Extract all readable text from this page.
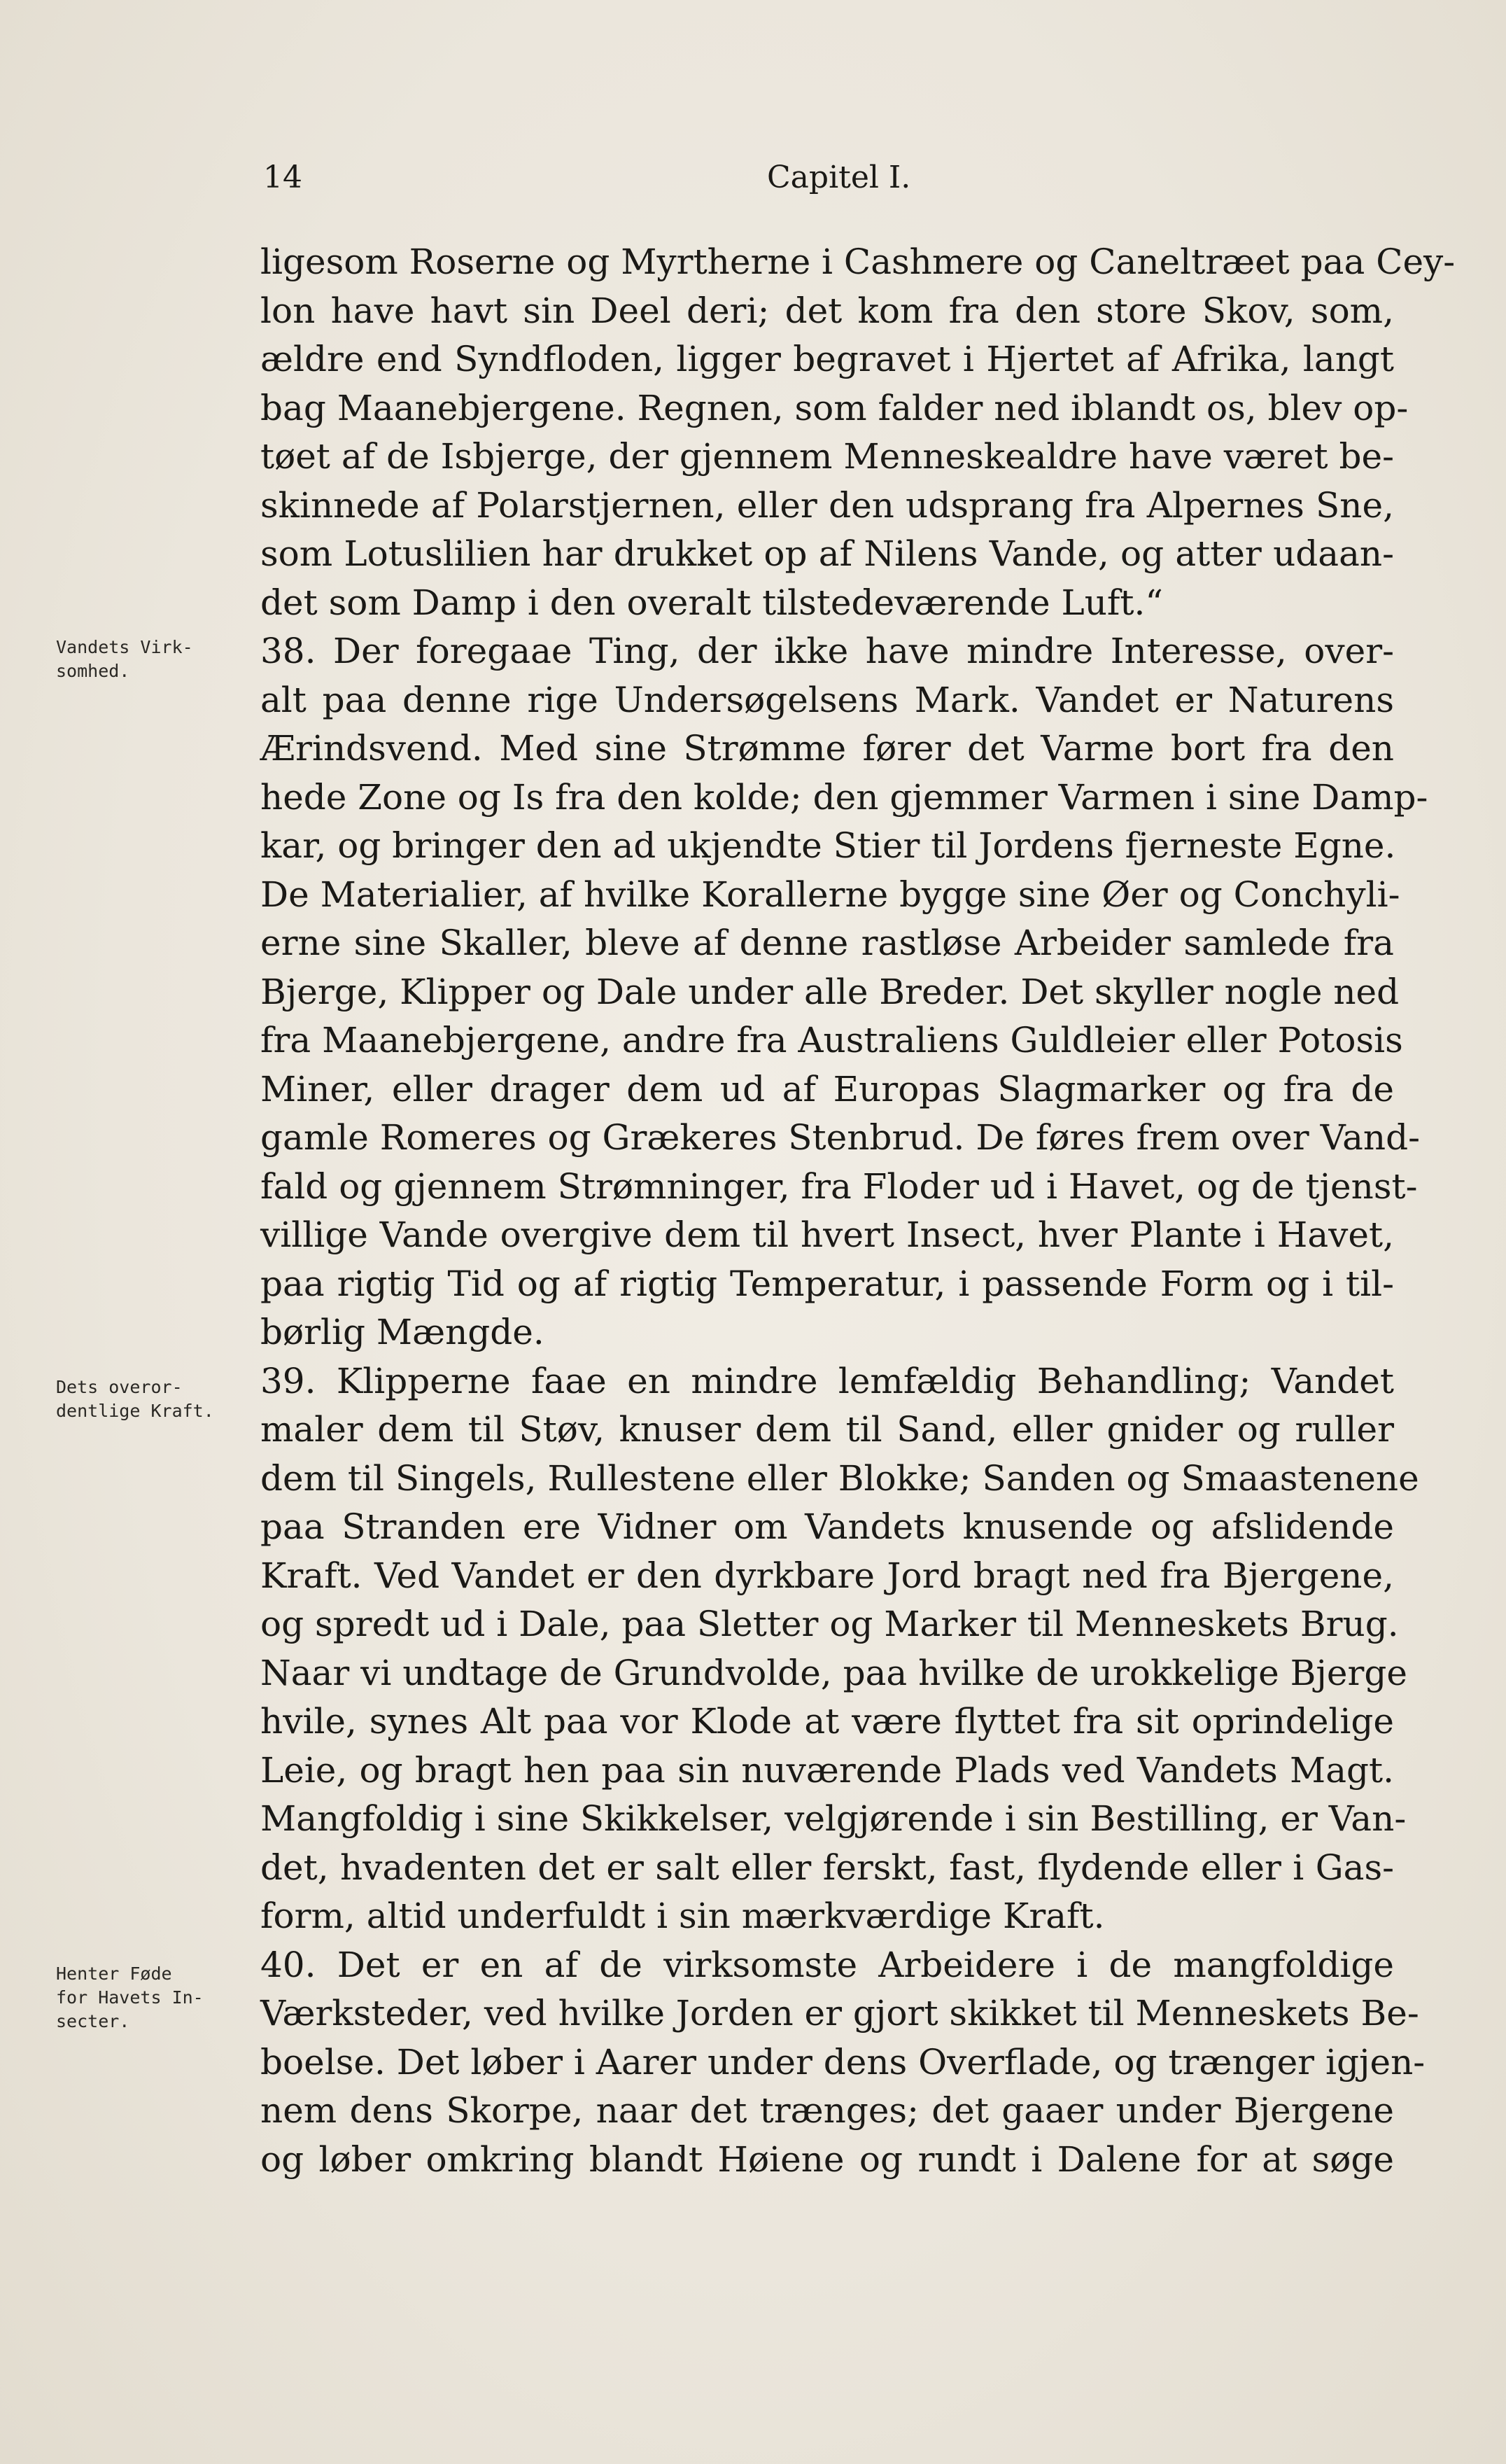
14	Capitel I.
ligesom Roserne og Myrtherne i Cashmere og Caneltræet paa Cey-
lon have havt sin Deel deri; det kom fra den store Skov, som,
ældre end Syndfloden, ligger begravet i Hjertet af Afrika, langt
bag Maanebjergene. Regnen, som falder ned iblandt os, blev op-
tøet af de Isbjerge, der gjennem Menneskealdre have været be-
skinnede af Polarstjernen, eller den udsprang fra Alpernes Sne,
som Lotuslilien har drukket op af Nilens Vande, og atter udaan-
det som Damp i den overalt tilstedeværende Luft.“
38. Der foregaae Ting, der ikke have mindre Interesse, over-
alt paa denne rige Undersøgelsens Mark. Vandet er Naturens
Ærindsvend. Med sine Strømme fører det Varme bort fra den
hede Zone og Is fra den kolde; den gjemmer Varmen i sine Damp-
kar, og bringer den ad ukjendte Stier til Jordens fjerneste Egne.
De Materialier, af hvilke Korallerne bygge sine Øer og Conchyli-
erne sine Skaller, bleve af denne rastløse Arbeider samlede fra
Bjerge, Klipper og Dale under alle Breder. Det skyller nogle ned
fra Maanebjergene, andre fra Australiens Guldleier eller Potosis
Miner, eller drager dem ud af Europas Slagmarker og fra de
gamle Romeres og Grækeres Stenbrud. De føres frem over Vand-
fald og gjennem Strømninger, fra Floder ud i Havet, og de tjenst-
villige Vande overgive dem til hvert Insect, hver Plante i Havet,
paa rigtig Tid og af rigtig Temperatur, i passende Form og i til-
børlig Mængde.
39. Klipperne faae en mindre lemfældig Behandling; Vandet
maler dem til Støv, knuser dem til Sand, eller gnider og ruller
dem til Singels, Rullestene eller Blokke; Sanden og Smaastenene
paa Stranden ere Vidner om Vandets knusende og afslidende
Kraft. Ved Vandet er den dyrkbare Jord bragt ned fra Bjergene,
og spredt ud i Dale, paa Sletter og Marker til Menneskets Brug.
Naar vi undtage de Grundvolde, paa hvilke de urokkelige Bjerge
hvile, synes Alt paa vor Klode at være flyttet fra sit oprindelige
Leie, og bragt hen paa sin nuværende Plads ved Vandets Magt.
Mangfoldig i sine Skikkelser, velgjørende i sin Bestilling, er Van-
det, hvadenten det er salt eller ferskt, fast, flydende eller i Gas-
form, altid underfuldt i sin mærkværdige Kraft.
40. Det er en af de virksomste Arbeidere i de mangfoldige
Værksteder, ved hvilke Jorden er gjort skikket til Menneskets Be-
boelse. Det løber i Aarer under dens Overflade, og trænger igjen-
nem dens Skorpe, naar det trænges; det gaaer under Bjergene
og løber omkring blandt Høiene og rundt i Dalene for at søge
Vandets Virk-
somhed.
Dets overor-
dentlige Kraft.
Henter Føde
for Havets In-
secter.
